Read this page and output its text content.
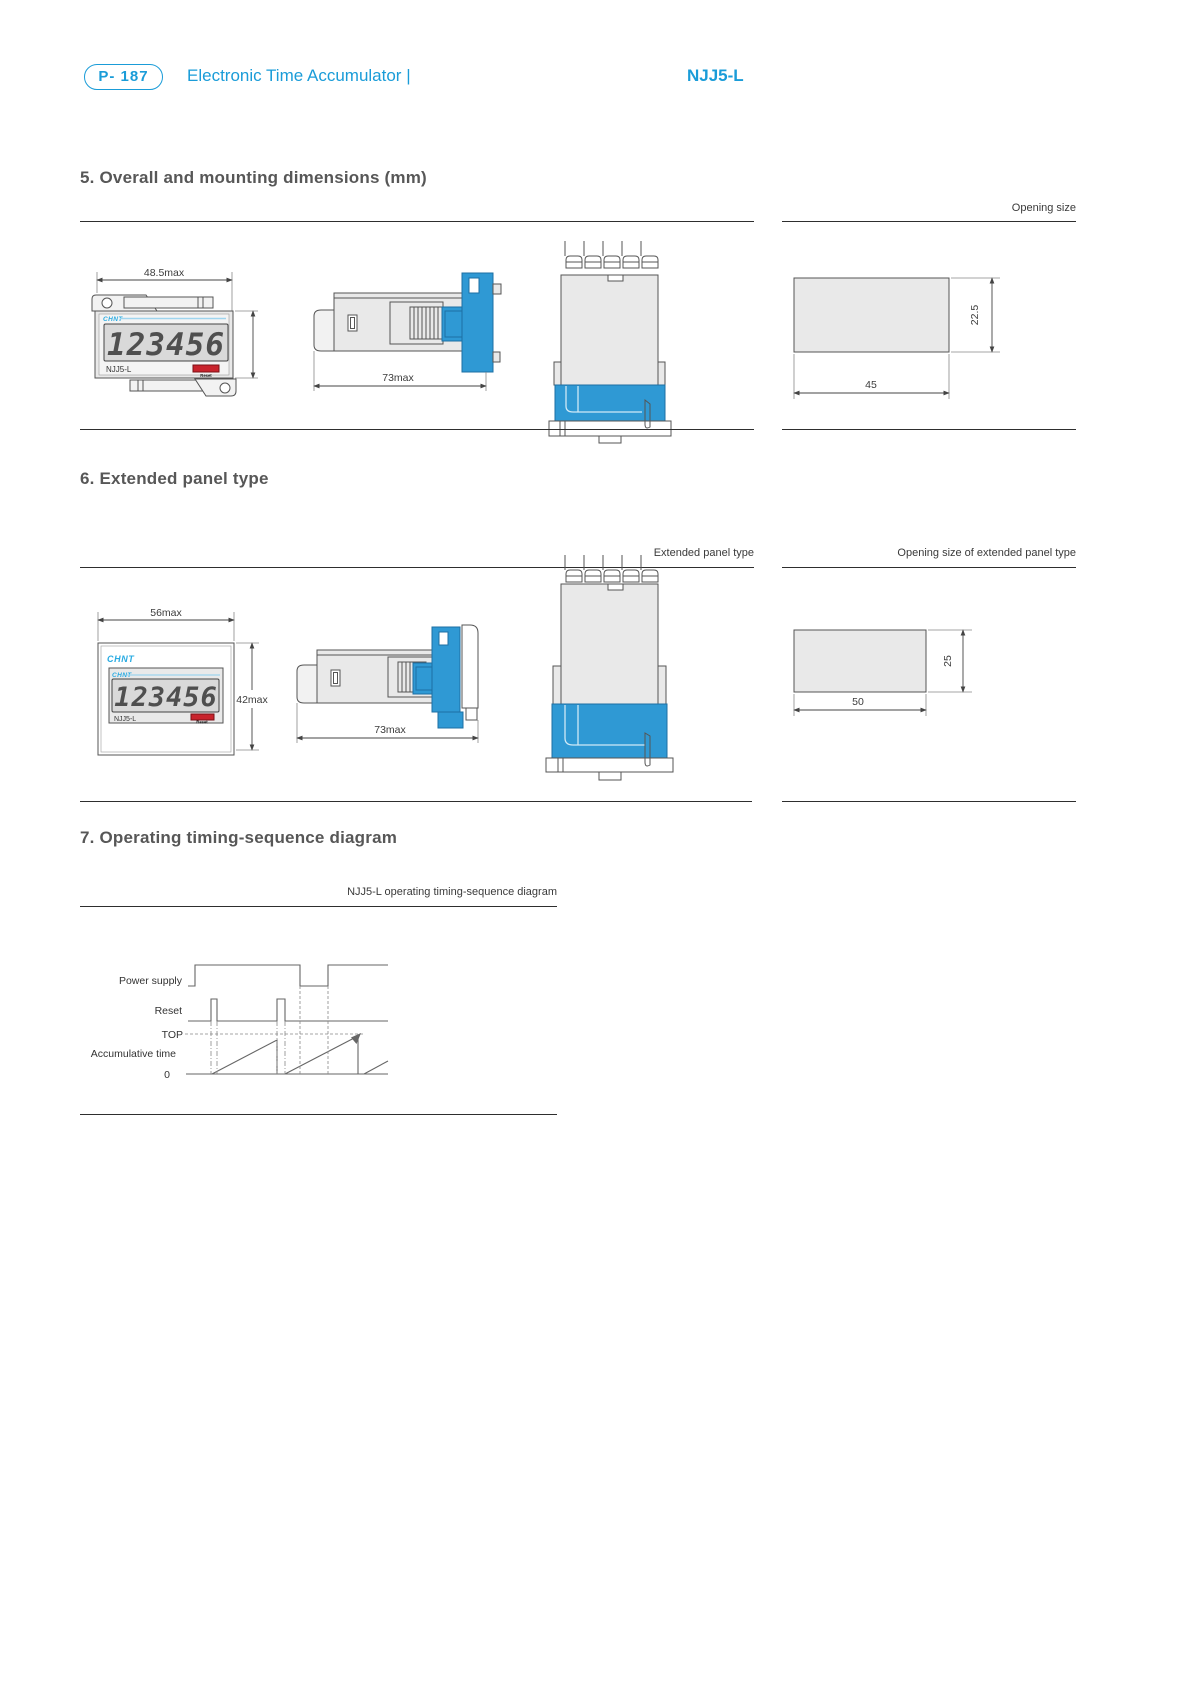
P- 187	Electronic Time Accumulator |	NJJ5-L
5. Overall and mounting dimensions (mm)
Opening size
48.5max
CHNT
123456
NJJ5-L
Reset	73max
22.5
45
6. Extended panel type
Extended panel type	Opening size of extended panel type
56max
CHNT
CHNT
123456
NJJ5-L	Reset
42max
73max
25
50
7. Operating timing-sequence diagram
NJJ5-L operating timing-sequence diagram
Power supply
Reset
TOP
Accumulative time
0
